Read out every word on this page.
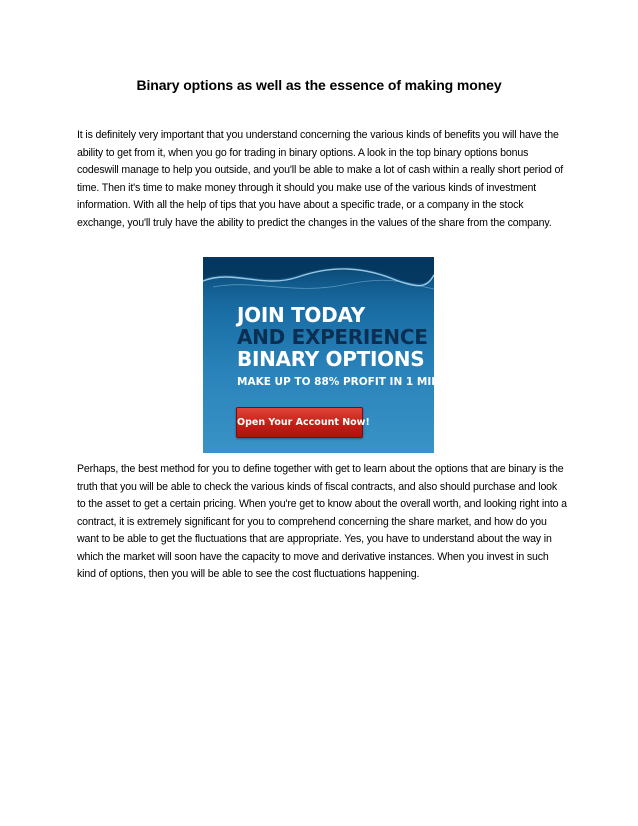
Binary options as well as the essence of making money
It is definitely very important that you understand concerning the various kinds of benefits you will have the ability to get from it, when you go for trading in binary options. A look in the top binary options bonus codeswill manage to help you outside, and you'll be able to make a lot of cash within a really short period of time. Then it's time to make money through it should you make use of the various kinds of investment information. With all the help of tips that you have about a specific trade, or a company in the stock exchange, you'll truly have the ability to predict the changes in the values of the share from the company.
JOIN TODAY
AND EXPERIENCE
BINARY OPTIONS
MAKE UP TO 88% PROFIT IN 1 MINUTE!
Open Your Account Now!
Perhaps, the best method for you to define together with get to learn about the options that are binary is the truth that you will be able to check the various kinds of fiscal contracts, and also should purchase and look to the asset to get a certain pricing. When you're get to know about the overall worth, and looking right into a contract, it is extremely significant for you to comprehend concerning the share market, and how do you want to be able to get the fluctuations that are appropriate. Yes, you have to understand about the way in which the market will soon have the capacity to move and derivative instances. When you invest in such kind of options, then you will be able to see the cost fluctuations happening.
